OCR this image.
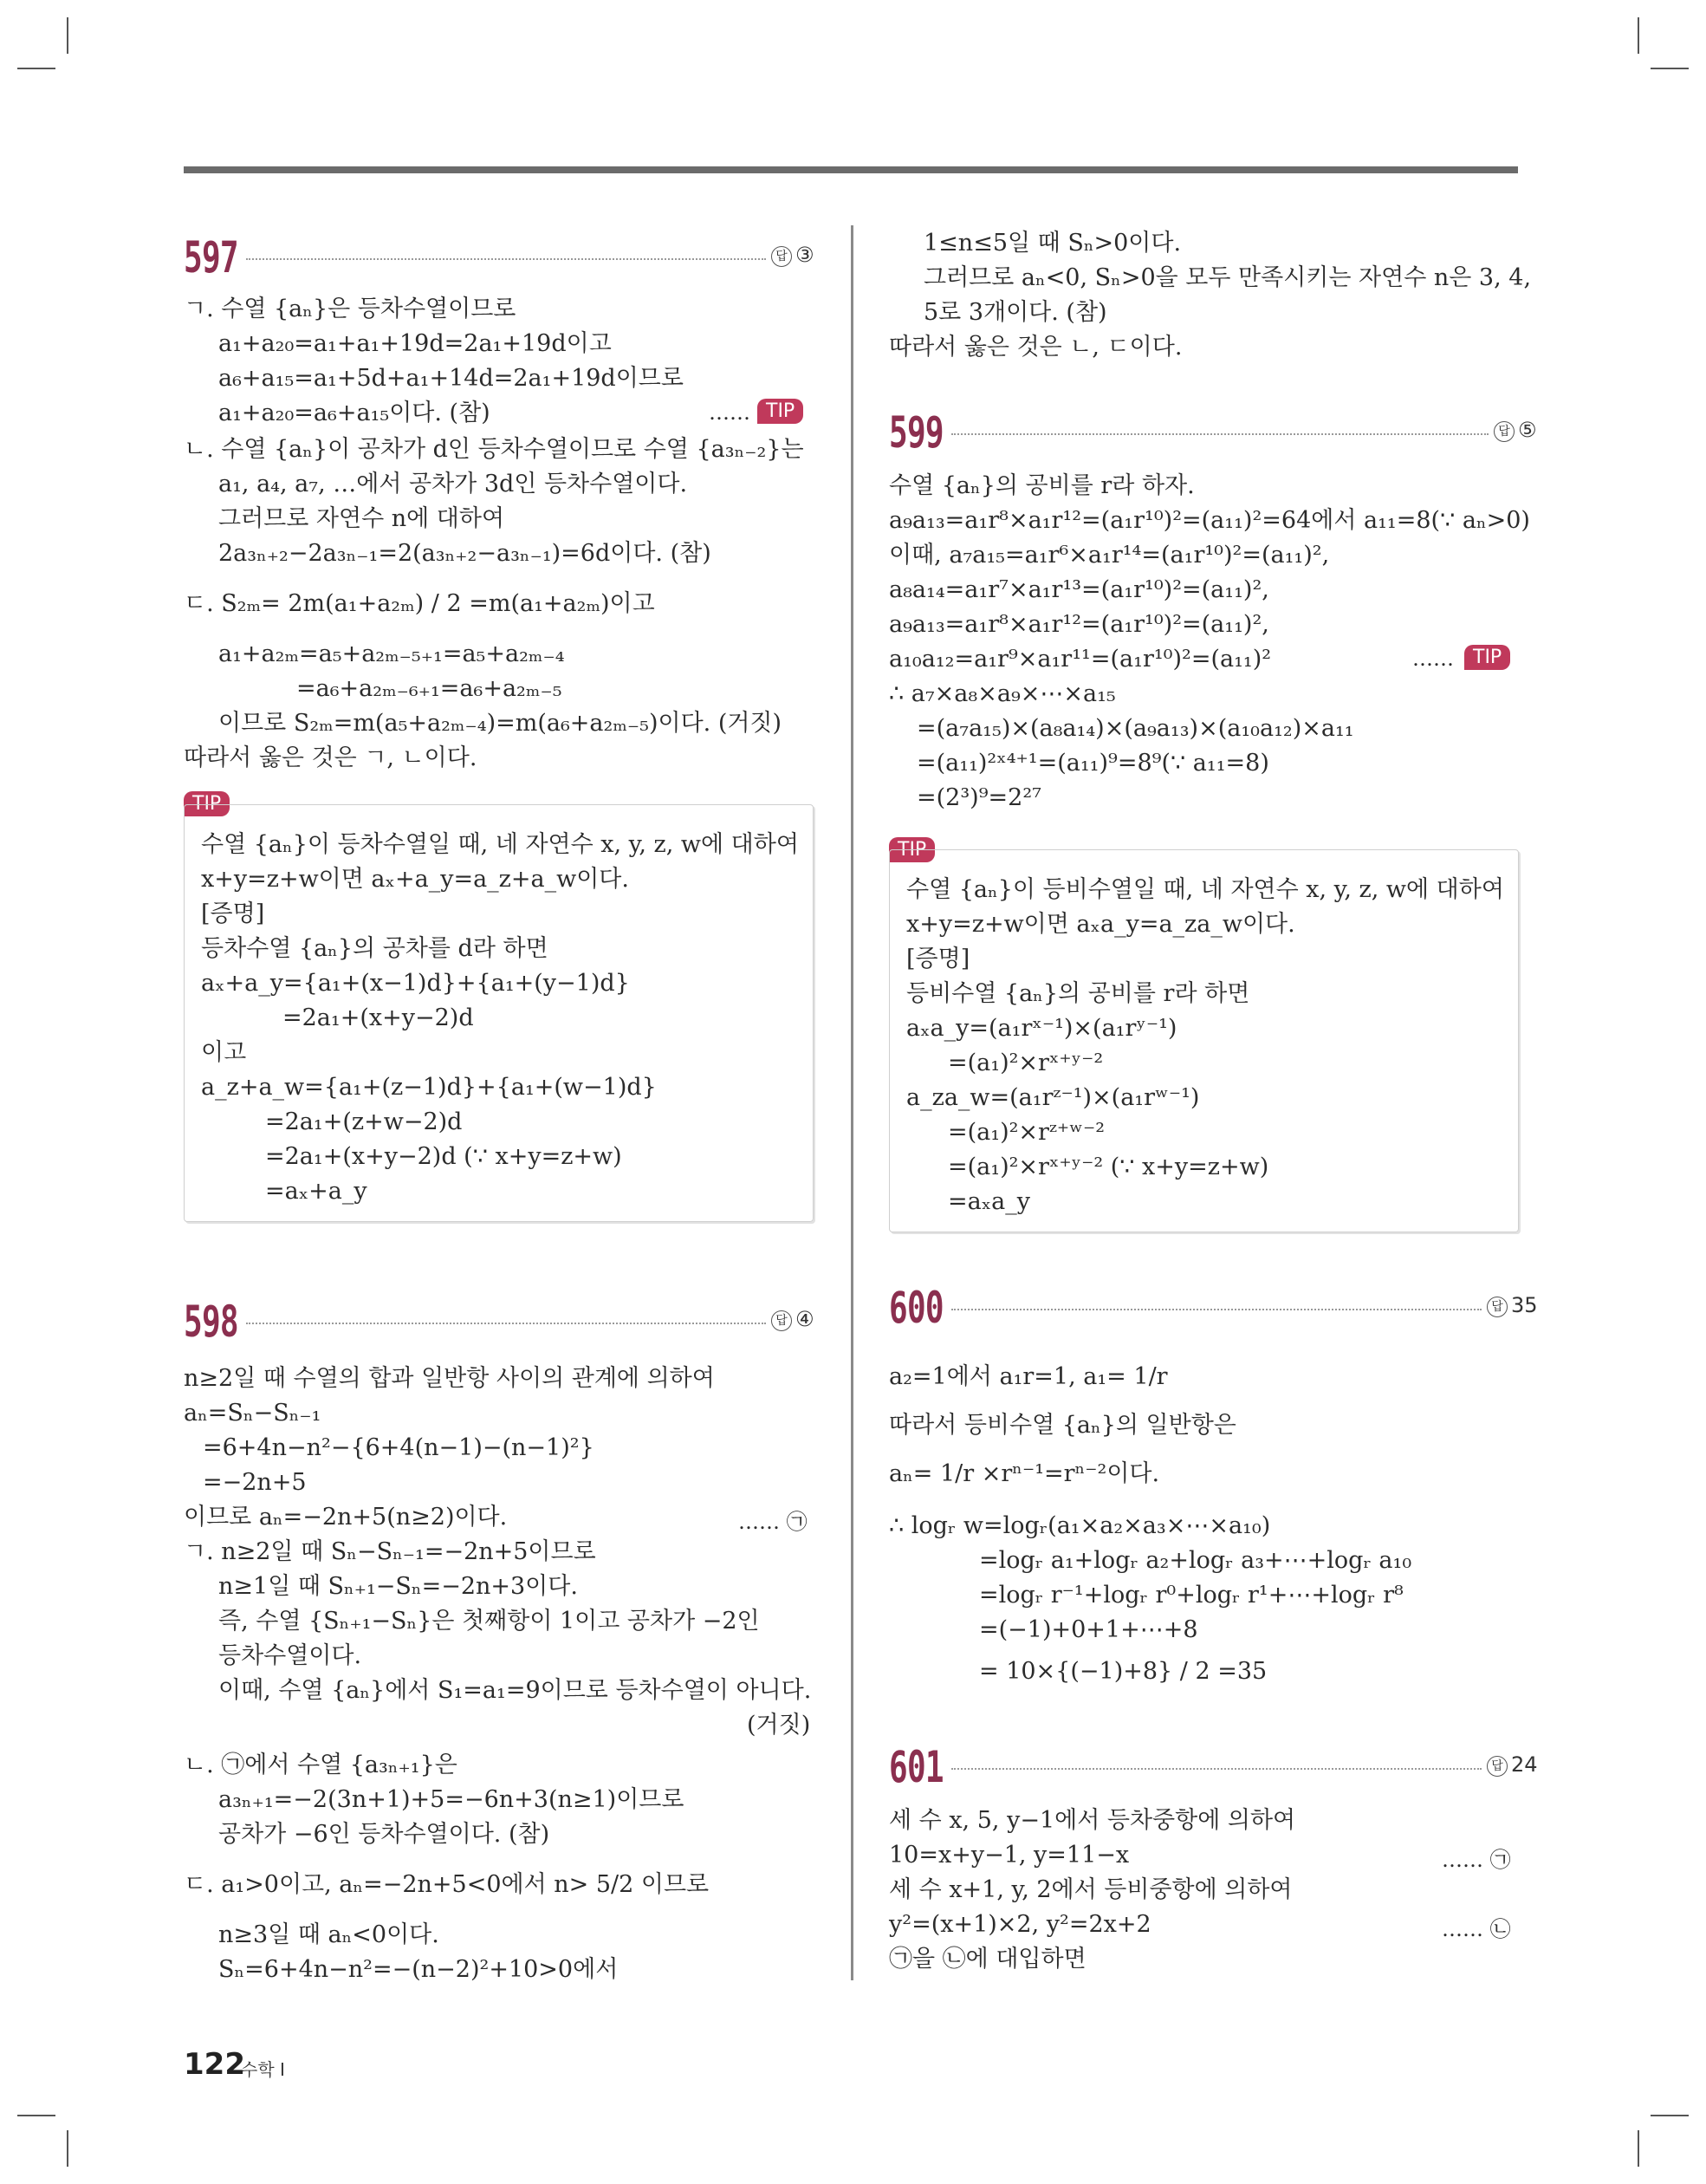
597	답 ③
ㄱ. 수열 {aₙ}은 등차수열이므로
a₁+a₂₀=a₁+a₁+19d=2a₁+19d이고
a₆+a₁₅=a₁+5d+a₁+14d=2a₁+19d이므로
a₁+a₂₀=a₆+a₁₅이다. (참)	…… TIP
ㄴ. 수열 {aₙ}이 공차가 d인 등차수열이므로 수열 {a₃ₙ₋₂}는
a₁, a₄, a₇, …에서 공차가 3d인 등차수열이다.
그러므로 자연수 n에 대하여
2a₃ₙ₊₂−2a₃ₙ₋₁=2(a₃ₙ₊₂−a₃ₙ₋₁)=6d이다. (참)
ㄷ. S₂ₘ= 2m(a₁+a₂ₘ) / 2 =m(a₁+a₂ₘ)이고
a₁+a₂ₘ=a₅+a₂ₘ₋₅₊₁=a₅+a₂ₘ₋₄
=a₆+a₂ₘ₋₆₊₁=a₆+a₂ₘ₋₅
이므로 S₂ₘ=m(a₅+a₂ₘ₋₄)=m(a₆+a₂ₘ₋₅)이다. (거짓)
따라서 옳은 것은 ㄱ, ㄴ이다.
TIP
수열 {aₙ}이 등차수열일 때, 네 자연수 x, y, z, w에 대하여
x+y=z+w이면 aₓ+a_y=a_z+a_w이다.
[증명]
등차수열 {aₙ}의 공차를 d라 하면
aₓ+a_y={a₁+(x−1)d}+{a₁+(y−1)d}
=2a₁+(x+y−2)d
이고
a_z+a_w={a₁+(z−1)d}+{a₁+(w−1)d}
=2a₁+(z+w−2)d
=2a₁+(x+y−2)d (∵ x+y=z+w)
=aₓ+a_y
598	답 ④
n≥2일 때 수열의 합과 일반항 사이의 관계에 의하여
aₙ=Sₙ−Sₙ₋₁
=6+4n−n²−{6+4(n−1)−(n−1)²}
=−2n+5
이므로 aₙ=−2n+5(n≥2)이다.	…… ㉠
ㄱ. n≥2일 때 Sₙ−Sₙ₋₁=−2n+5이므로
n≥1일 때 Sₙ₊₁−Sₙ=−2n+3이다.
즉, 수열 {Sₙ₊₁−Sₙ}은 첫째항이 1이고 공차가 −2인
등차수열이다.
이때, 수열 {aₙ}에서 S₁=a₁=9이므로 등차수열이 아니다.
(거짓)
ㄴ. ㉠에서 수열 {a₃ₙ₊₁}은
a₃ₙ₊₁=−2(3n+1)+5=−6n+3(n≥1)이므로
공차가 −6인 등차수열이다. (참)
ㄷ. a₁>0이고, aₙ=−2n+5<0에서 n> 5/2 이므로
n≥3일 때 aₙ<0이다.
Sₙ=6+4n−n²=−(n−2)²+10>0에서
1≤n≤5일 때 Sₙ>0이다.
그러므로 aₙ<0, Sₙ>0을 모두 만족시키는 자연수 n은 3, 4,
5로 3개이다. (참)
따라서 옳은 것은 ㄴ, ㄷ이다.
599	답 ⑤
수열 {aₙ}의 공비를 r라 하자.
a₉a₁₃=a₁r⁸×a₁r¹²=(a₁r¹⁰)²=(a₁₁)²=64에서 a₁₁=8(∵ aₙ>0)
이때, a₇a₁₅=a₁r⁶×a₁r¹⁴=(a₁r¹⁰)²=(a₁₁)²,
a₈a₁₄=a₁r⁷×a₁r¹³=(a₁r¹⁰)²=(a₁₁)²,
a₉a₁₃=a₁r⁸×a₁r¹²=(a₁r¹⁰)²=(a₁₁)²,
a₁₀a₁₂=a₁r⁹×a₁r¹¹=(a₁r¹⁰)²=(a₁₁)²	……	TIP
∴ a₇×a₈×a₉×⋯×a₁₅
=(a₇a₁₅)×(a₈a₁₄)×(a₉a₁₃)×(a₁₀a₁₂)×a₁₁
=(a₁₁)²ˣ⁴⁺¹=(a₁₁)⁹=8⁹(∵ a₁₁=8)
=(2³)⁹=2²⁷
TIP
수열 {aₙ}이 등비수열일 때, 네 자연수 x, y, z, w에 대하여
x+y=z+w이면 aₓa_y=a_za_w이다.
[증명]
등비수열 {aₙ}의 공비를 r라 하면
aₓa_y=(a₁rˣ⁻¹)×(a₁rʸ⁻¹)
=(a₁)²×rˣ⁺ʸ⁻²
a_za_w=(a₁rᶻ⁻¹)×(a₁rʷ⁻¹)
=(a₁)²×rᶻ⁺ʷ⁻²
=(a₁)²×rˣ⁺ʸ⁻² (∵ x+y=z+w)
=aₓa_y
600	답 35
a₂=1에서 a₁r=1, a₁= 1/r
따라서 등비수열 {aₙ}의 일반항은
aₙ= 1/r ×rⁿ⁻¹=rⁿ⁻²이다.
∴ logᵣ w=logᵣ(a₁×a₂×a₃×⋯×a₁₀)
=logᵣ a₁+logᵣ a₂+logᵣ a₃+⋯+logᵣ a₁₀
=logᵣ r⁻¹+logᵣ r⁰+logᵣ r¹+⋯+logᵣ r⁸
=(−1)+0+1+⋯+8
= 10×{(−1)+8} / 2 =35
601	답 24
세 수 x, 5, y−1에서 등차중항에 의하여
10=x+y−1, y=11−x	…… ㉠
세 수 x+1, y, 2에서 등비중항에 의하여
y²=(x+1)×2, y²=2x+2	…… ㉡
㉠을 ㉡에 대입하면
122
수학 I
